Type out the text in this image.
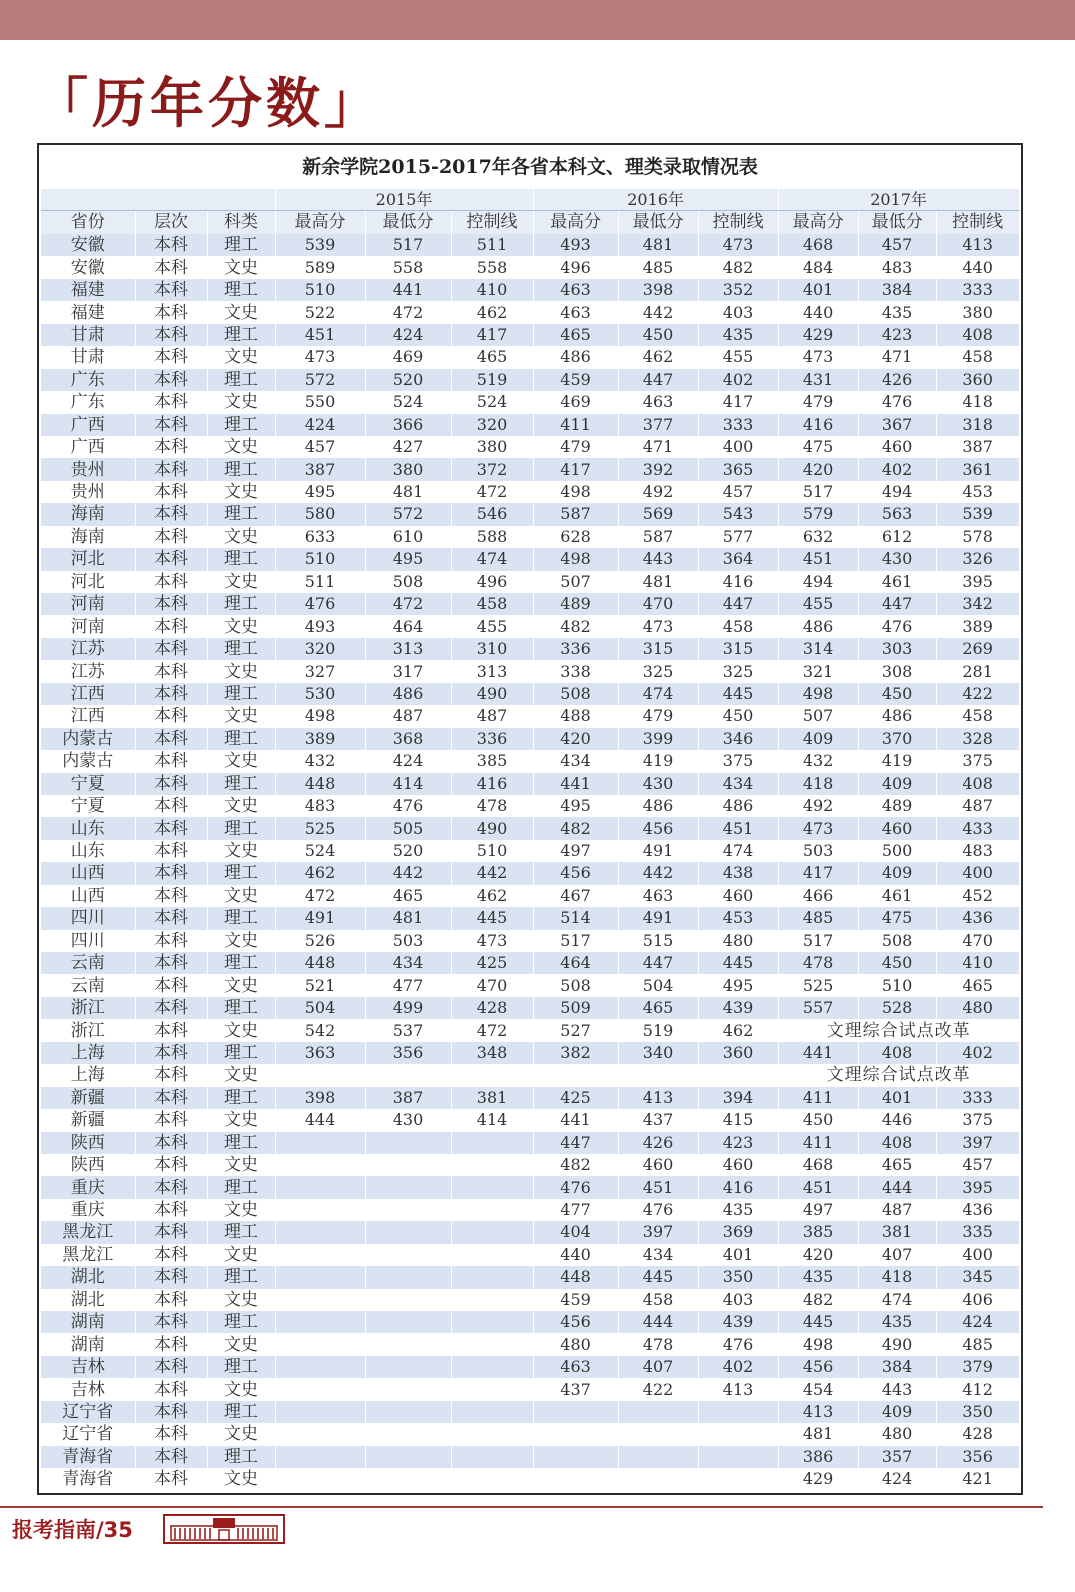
「历年分数」
新余学院2015-2017年各省本科文、理类录取情况表
			2015年			2016年			2017年		
省份	层次	科类	最高分	最低分	控制线	最高分	最低分	控制线	最高分	最低分	控制线
安徽	本科	理工	539	517	511	493	481	473	468	457	413
安徽	本科	文史	589	558	558	496	485	482	484	483	440
福建	本科	理工	510	441	410	463	398	352	401	384	333
福建	本科	文史	522	472	462	463	442	403	440	435	380
甘肃	本科	理工	451	424	417	465	450	435	429	423	408
甘肃	本科	文史	473	469	465	486	462	455	473	471	458
广东	本科	理工	572	520	519	459	447	402	431	426	360
广东	本科	文史	550	524	524	469	463	417	479	476	418
广西	本科	理工	424	366	320	411	377	333	416	367	318
广西	本科	文史	457	427	380	479	471	400	475	460	387
贵州	本科	理工	387	380	372	417	392	365	420	402	361
贵州	本科	文史	495	481	472	498	492	457	517	494	453
海南	本科	理工	580	572	546	587	569	543	579	563	539
海南	本科	文史	633	610	588	628	587	577	632	612	578
河北	本科	理工	510	495	474	498	443	364	451	430	326
河北	本科	文史	511	508	496	507	481	416	494	461	395
河南	本科	理工	476	472	458	489	470	447	455	447	342
河南	本科	文史	493	464	455	482	473	458	486	476	389
江苏	本科	理工	320	313	310	336	315	315	314	303	269
江苏	本科	文史	327	317	313	338	325	325	321	308	281
江西	本科	理工	530	486	490	508	474	445	498	450	422
江西	本科	文史	498	487	487	488	479	450	507	486	458
内蒙古	本科	理工	389	368	336	420	399	346	409	370	328
内蒙古	本科	文史	432	424	385	434	419	375	432	419	375
宁夏	本科	理工	448	414	416	441	430	434	418	409	408
宁夏	本科	文史	483	476	478	495	486	486	492	489	487
山东	本科	理工	525	505	490	482	456	451	473	460	433
山东	本科	文史	524	520	510	497	491	474	503	500	483
山西	本科	理工	462	442	442	456	442	438	417	409	400
山西	本科	文史	472	465	462	467	463	460	466	461	452
四川	本科	理工	491	481	445	514	491	453	485	475	436
四川	本科	文史	526	503	473	517	515	480	517	508	470
云南	本科	理工	448	434	425	464	447	445	478	450	410
云南	本科	文史	521	477	470	508	504	495	525	510	465
浙江	本科	理工	504	499	428	509	465	439	557	528	480
浙江	本科	文史	542	537	472	527	519	462	文理综合试点改革		
上海	本科	理工	363	356	348	382	340	360	441	408	402
上海	本科	文史							文理综合试点改革		
新疆	本科	理工	398	387	381	425	413	394	411	401	333
新疆	本科	文史	444	430	414	441	437	415	450	446	375
陕西	本科	理工				447	426	423	411	408	397
陕西	本科	文史				482	460	460	468	465	457
重庆	本科	理工				476	451	416	451	444	395
重庆	本科	文史				477	476	435	497	487	436
黑龙江	本科	理工				404	397	369	385	381	335
黑龙江	本科	文史				440	434	401	420	407	400
湖北	本科	理工				448	445	350	435	418	345
湖北	本科	文史				459	458	403	482	474	406
湖南	本科	理工				456	444	439	445	435	424
湖南	本科	文史				480	478	476	498	490	485
吉林	本科	理工				463	407	402	456	384	379
吉林	本科	文史				437	422	413	454	443	412
辽宁省	本科	理工							413	409	350
辽宁省	本科	文史							481	480	428
青海省	本科	理工							386	357	356
青海省	本科	文史							429	424	421
报考指南/35
